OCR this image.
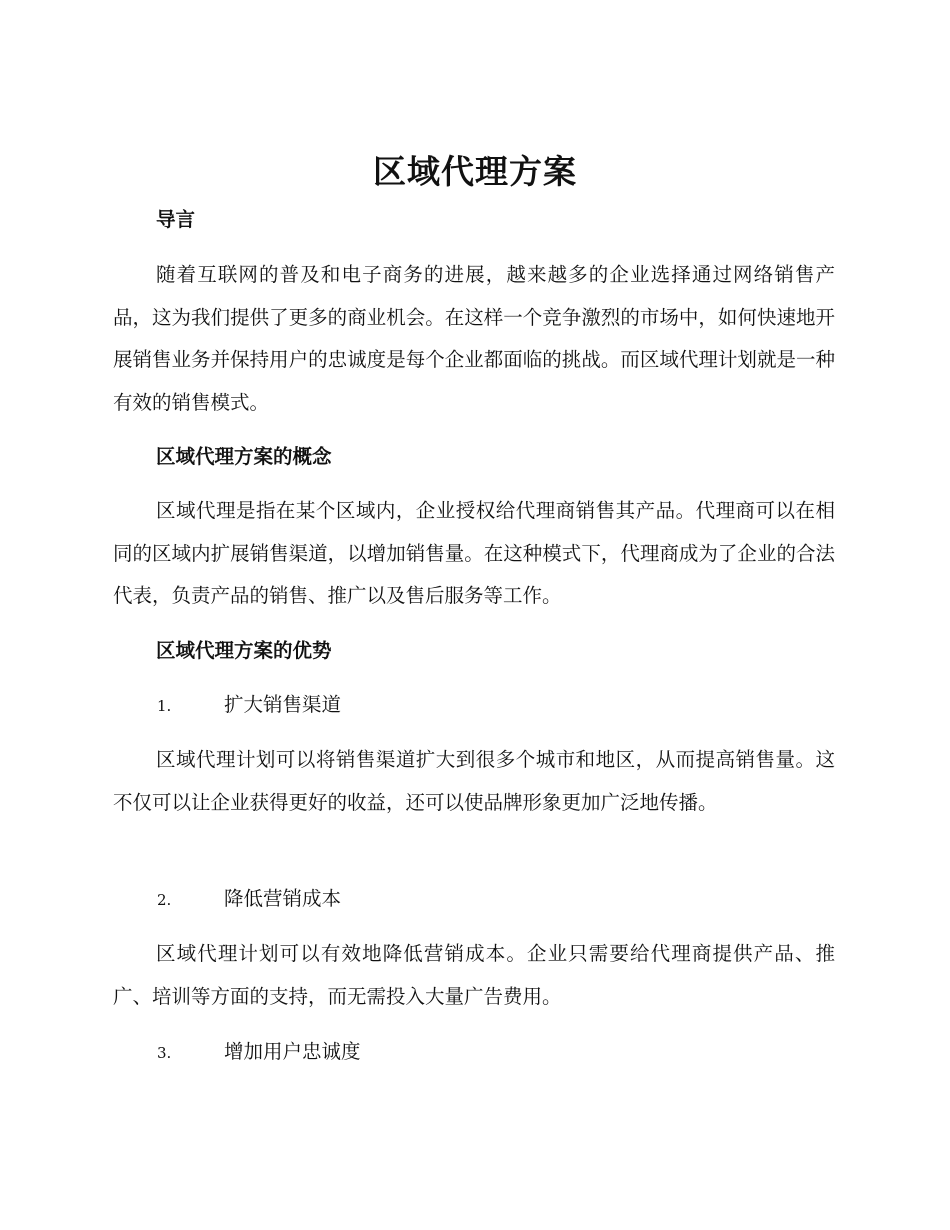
区域代理方案
导言

随着互联网的普及和电子商务的进展，越来越多的企业选择通过网络销售产品，这为我们提供了更多的商业机会。在这样一个竞争激烈的市场中，如何快速地开展销售业务并保持用户的忠诚度是每个企业都面临的挑战。而区域代理计划就是一种有效的销售模式。

区域代理方案的概念

区域代理是指在某个区域内，企业授权给代理商销售其产品。代理商可以在相同的区域内扩展销售渠道，以增加销售量。在这种模式下，代理商成为了企业的合法代表，负责产品的销售、推广以及售后服务等工作。

区域代理方案的优势
1.	扩大销售渠道

区域代理计划可以将销售渠道扩大到很多个城市和地区，从而提高销售量。这不仅可以让企业获得更好的收益，还可以使品牌形象更加广泛地传播。

2.	降低营销成本

区域代理计划可以有效地降低营销成本。企业只需要给代理商提供产品、推广、培训等方面的支持，而无需投入大量广告费用。

3.	增加用户忠诚度
